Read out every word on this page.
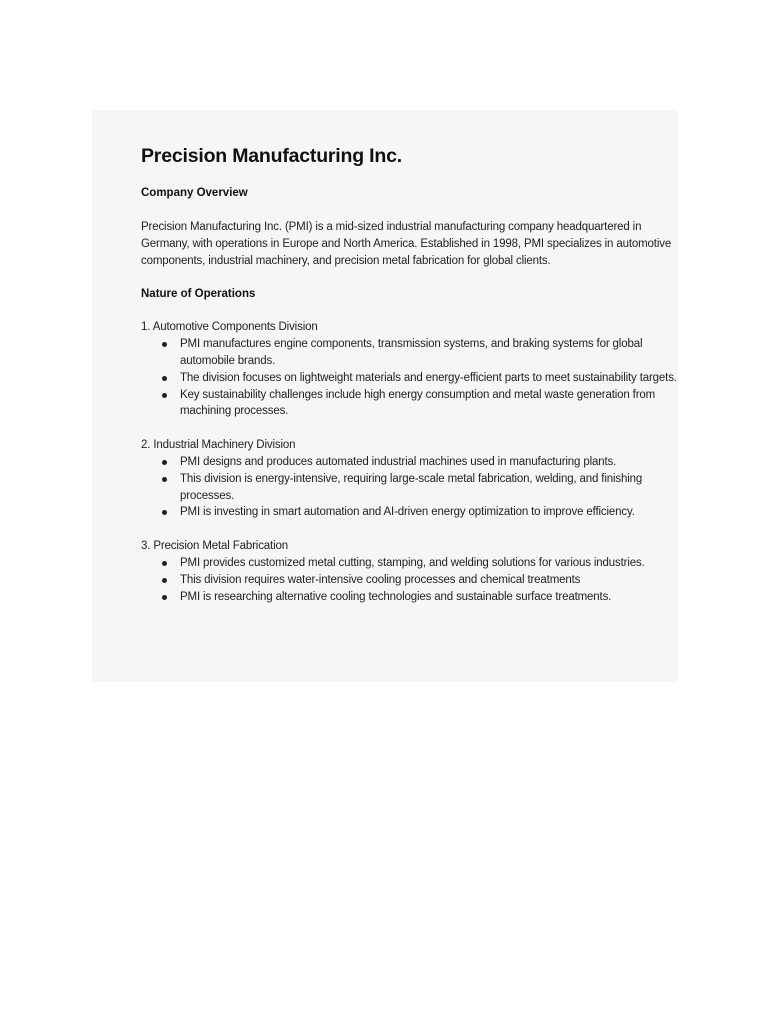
Precision Manufacturing Inc.
Company Overview

Precision Manufacturing Inc. (PMI) is a mid-sized industrial manufacturing company headquartered in Germany, with operations in Europe and North America. Established in 1998, PMI specializes in automotive components, industrial machinery, and precision metal fabrication for global clients.

Nature of Operations

1. Automotive Components Division

PMI manufactures engine components, transmission systems, and braking systems for global automobile brands.
The division focuses on lightweight materials and energy-efficient parts to meet sustainability targets.
Key sustainability challenges include high energy consumption and metal waste generation from machining processes.

2. Industrial Machinery Division

PMI designs and produces automated industrial machines used in manufacturing plants.
This division is energy-intensive, requiring large-scale metal fabrication, welding, and finishing processes.
PMI is investing in smart automation and AI-driven energy optimization to improve efficiency.

3. Precision Metal Fabrication

PMI provides customized metal cutting, stamping, and welding solutions for various industries.
This division requires water-intensive cooling processes and chemical treatments
PMI is researching alternative cooling technologies and sustainable surface treatments.
